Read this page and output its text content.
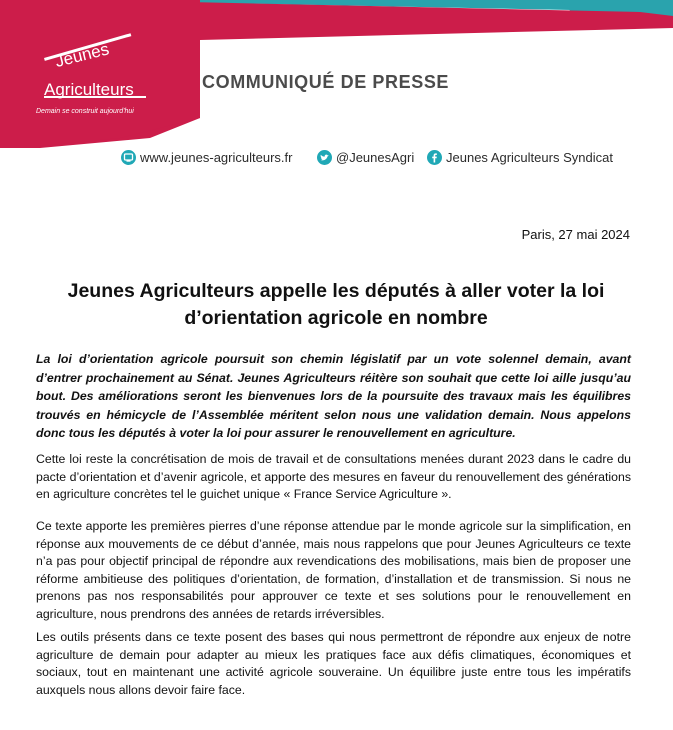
Jeunes
Agriculteurs
Demain se construit aujourd'hui
COMMUNIQUÉ DE PRESSE
www.jeunes-agriculteurs.fr	@JeunesAgri Jeunes Agriculteurs Syndicat
Paris, 27 mai 2024
Jeunes Agriculteurs appelle les députés à aller voter la loi d’orientation agricole en nombre
La loi d’orientation agricole poursuit son chemin législatif par un vote solennel demain, avant d’entrer prochainement au Sénat. Jeunes Agriculteurs réitère son souhait que cette loi aille jusqu’au bout. Des améliorations seront les bienvenues lors de la poursuite des travaux mais les équilibres trouvés en hémicycle de l’Assemblée méritent selon nous une validation demain. Nous appelons donc tous les députés à voter la loi pour assurer le renouvellement en agriculture.
Cette loi reste la concrétisation de mois de travail et de consultations menées durant 2023 dans le cadre du pacte d’orientation et d’avenir agricole, et apporte des mesures en faveur du renouvellement des générations en agriculture concrètes tel le guichet unique « France Service Agriculture ».
Ce texte apporte les premières pierres d’une réponse attendue par le monde agricole sur la simplification, en réponse aux mouvements de ce début d’année, mais nous rappelons que pour Jeunes Agriculteurs ce texte n’a pas pour objectif principal de répondre aux revendications des mobilisations, mais bien de proposer une réforme ambitieuse des politiques d’orientation, de formation, d’installation et de transmission. Si nous ne prenons pas nos responsabilités pour approuver ce texte et ses solutions pour le renouvellement en agriculture, nous prendrons des années de retards irréversibles.
Les outils présents dans ce texte posent des bases qui nous permettront de répondre aux enjeux de notre agriculture de demain pour adapter au mieux les pratiques face aux défis climatiques, économiques et sociaux, tout en maintenant une activité agricole souveraine. Un équilibre juste entre tous les impératifs auxquels nous allons devoir faire face.
